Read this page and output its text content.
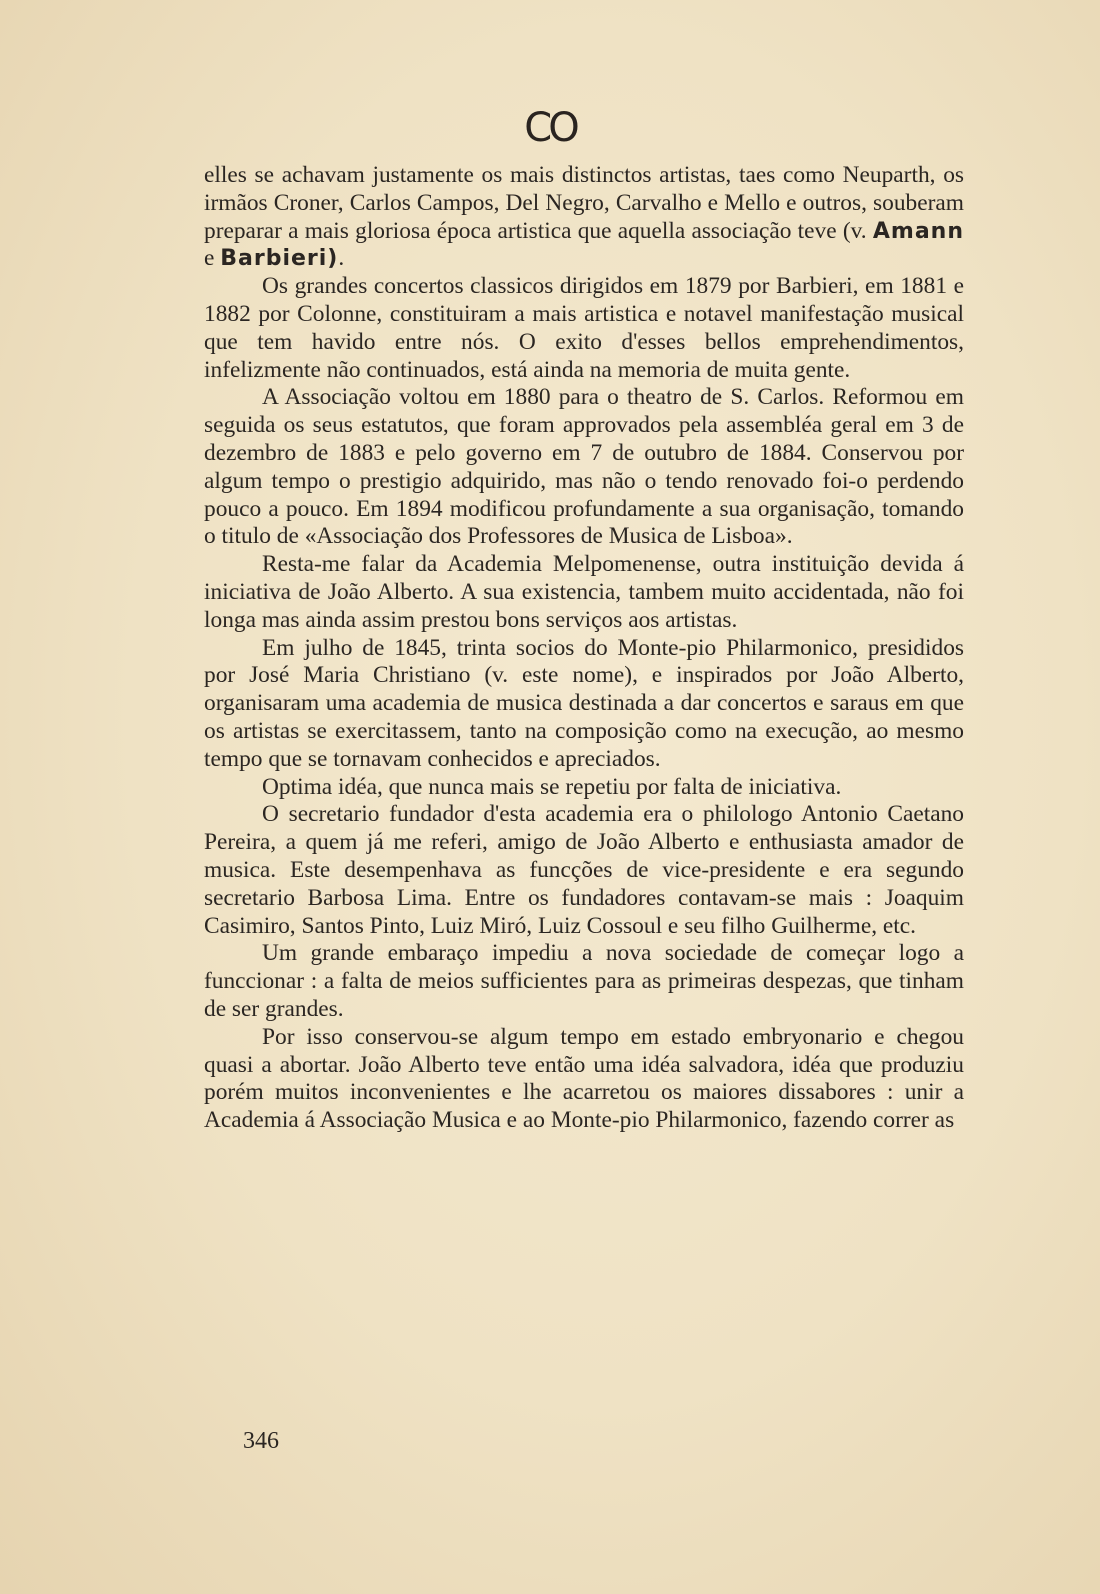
CO

elles se achavam justamente os mais distinctos artistas, taes como Neuparth, os irmãos Croner, Carlos Campos, Del Negro, Carvalho e Mello e outros, souberam preparar a mais gloriosa época artistica que aquella associação teve (v. Amann e Barbieri).

Os grandes concertos classicos dirigidos em 1879 por Barbieri, em 1881 e 1882 por Colonne, constituiram a mais artistica e notavel manifestação musical que tem havido entre nós. O exito d'esses bellos emprehendimentos, infelizmente não continuados, está ainda na memoria de muita gente.

A Associação voltou em 1880 para o theatro de S. Carlos. Reformou em seguida os seus estatutos, que foram approvados pela assembléa geral em 3 de dezembro de 1883 e pelo governo em 7 de outubro de 1884. Conservou por algum tempo o prestigio adquirido, mas não o tendo renovado foi-o perdendo pouco a pouco. Em 1894 modificou profundamente a sua organisação, tomando o titulo de «Associação dos Professores de Musica de Lisboa».

Resta-me falar da Academia Melpomenense, outra instituição devida á iniciativa de João Alberto. A sua existencia, tambem muito accidentada, não foi longa mas ainda assim prestou bons serviços aos artistas.

Em julho de 1845, trinta socios do Monte-pio Philarmonico, presididos por José Maria Christiano (v. este nome), e inspirados por João Alberto, organisaram uma academia de musica destinada a dar concertos e saraus em que os artistas se exercitassem, tanto na composição como na execução, ao mesmo tempo que se tornavam conhecidos e apreciados.

Optima idéa, que nunca mais se repetiu por falta de iniciativa.

O secretario fundador d'esta academia era o philologo Antonio Caetano Pereira, a quem já me referi, amigo de João Alberto e enthusiasta amador de musica. Este desempenhava as funcções de vice-presidente e era segundo secretario Barbosa Lima. Entre os fundadores contavam-se mais : Joaquim Casimiro, Santos Pinto, Luiz Miró, Luiz Cossoul e seu filho Guilherme, etc.

Um grande embaraço impediu a nova sociedade de começar logo a funccionar : a falta de meios sufficientes para as primeiras despezas, que tinham de ser grandes.

Por isso conservou-se algum tempo em estado embryonario e chegou quasi a abortar. João Alberto teve então uma idéa salvadora, idéa que produziu porém muitos inconvenientes e lhe acarretou os maiores dissabores : unir a Academia á Associação Musica e ao Monte-pio Philarmonico, fazendo correr as

346
